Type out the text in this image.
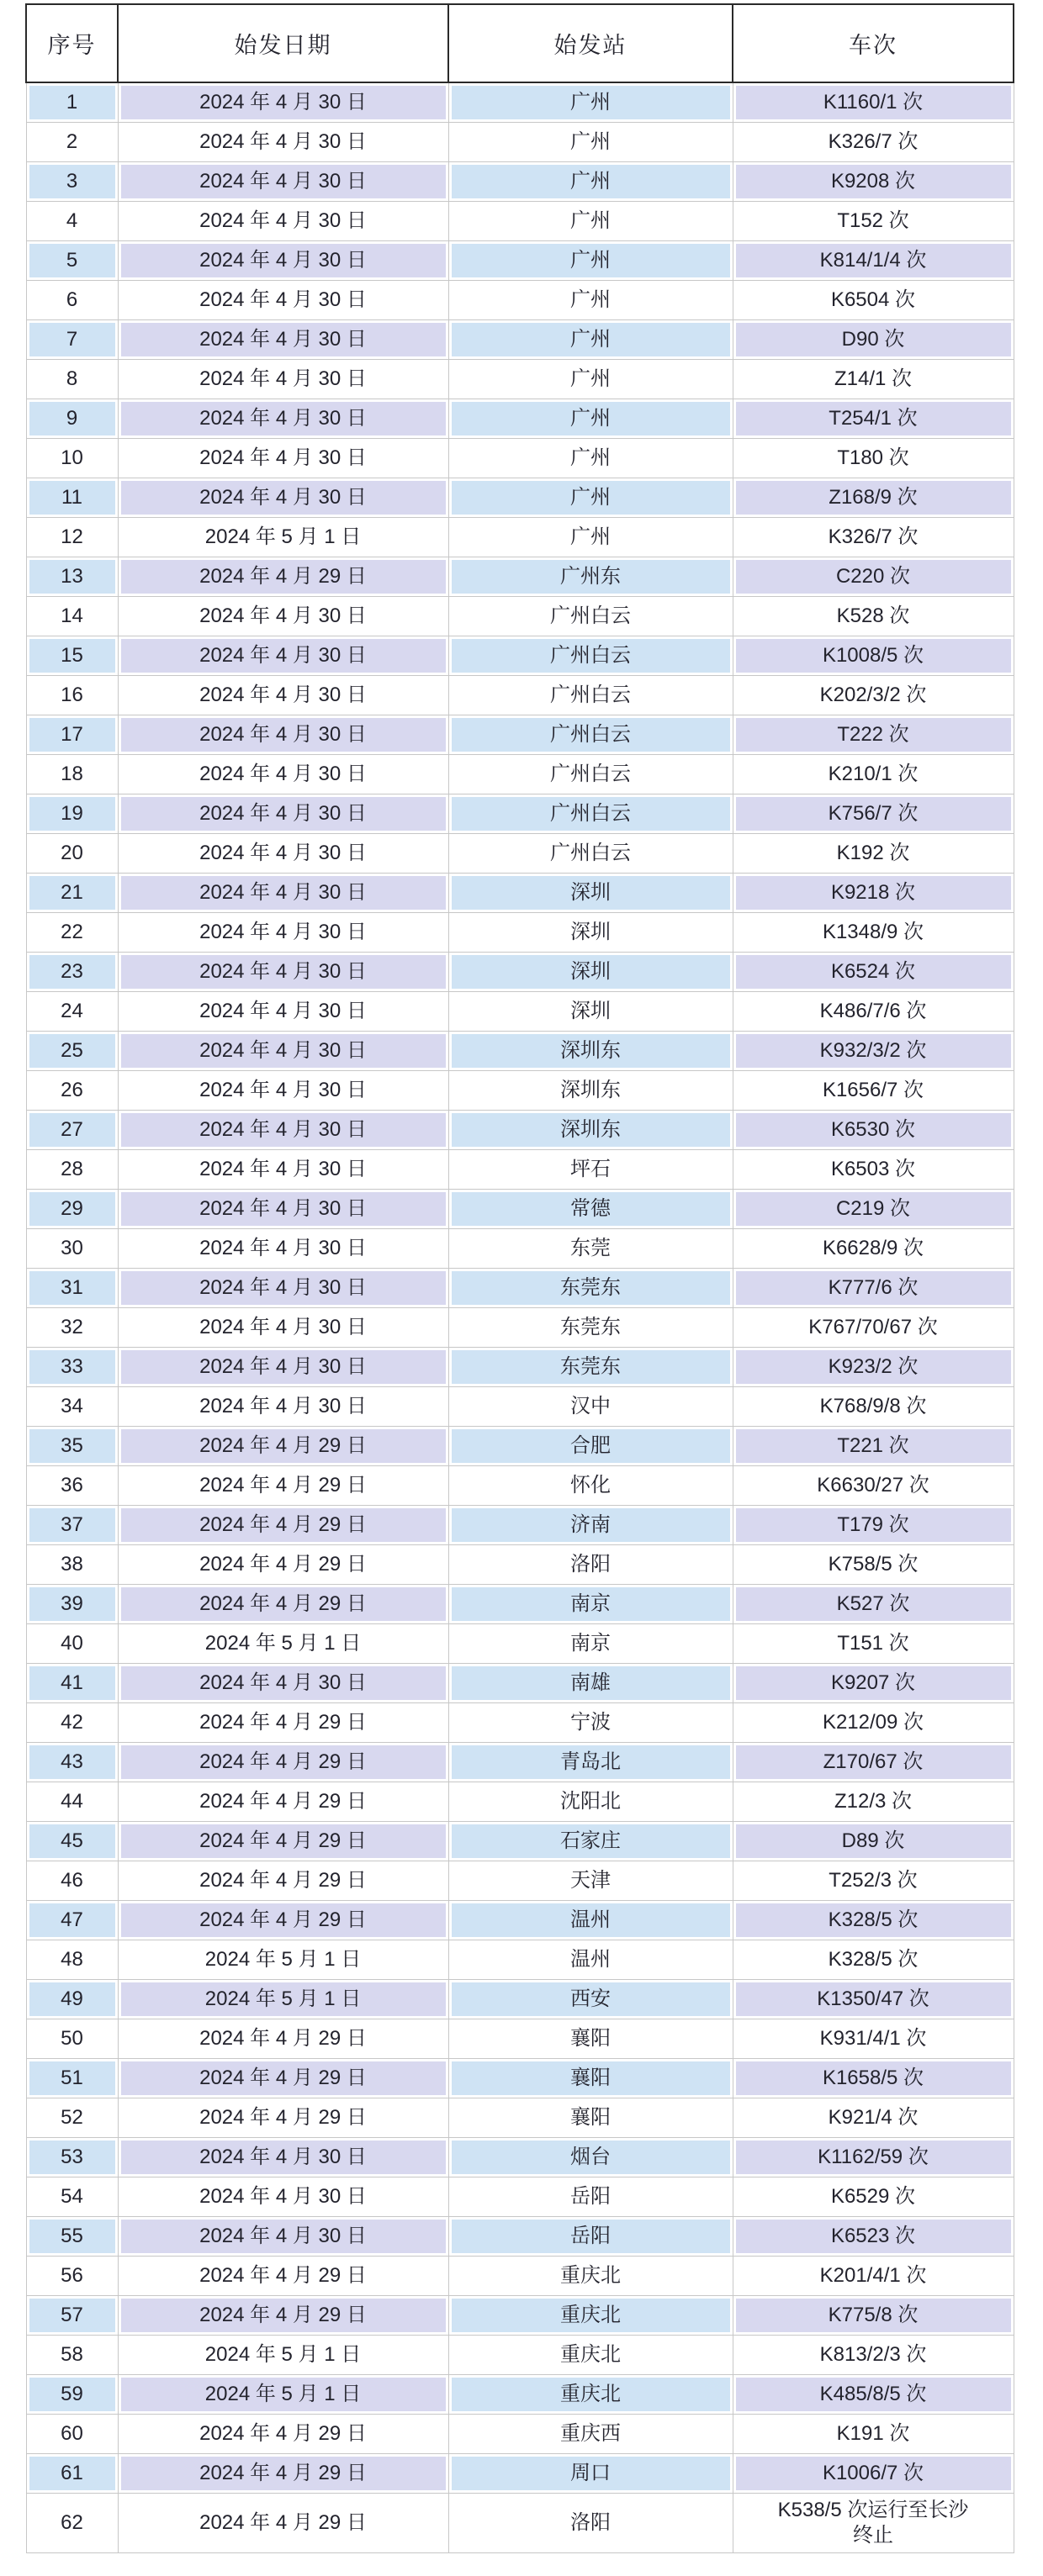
序号	始发日期	始发站	车次

1	2024 年 4 月 30 日	广州	K1160/1 次

2	2024 年 4 月 30 日	广州	K326/7 次

3	2024 年 4 月 30 日	广州	K9208 次

4	2024 年 4 月 30 日	广州	T152 次

5	2024 年 4 月 30 日	广州	K814/1/4 次

6	2024 年 4 月 30 日	广州	K6504 次

7	2024 年 4 月 30 日	广州	D90 次

8	2024 年 4 月 30 日	广州	Z14/1 次

9	2024 年 4 月 30 日	广州	T254/1 次

10	2024 年 4 月 30 日	广州	T180 次

11	2024 年 4 月 30 日	广州	Z168/9 次

12	2024 年 5 月 1 日	广州	K326/7 次

13	2024 年 4 月 29 日	广州东	C220 次

14	2024 年 4 月 30 日	广州白云	K528 次

15	2024 年 4 月 30 日	广州白云	K1008/5 次

16	2024 年 4 月 30 日	广州白云	K202/3/2 次

17	2024 年 4 月 30 日	广州白云	T222 次

18	2024 年 4 月 30 日	广州白云	K210/1 次

19	2024 年 4 月 30 日	广州白云	K756/7 次

20	2024 年 4 月 30 日	广州白云	K192 次

21	2024 年 4 月 30 日	深圳	K9218 次

22	2024 年 4 月 30 日	深圳	K1348/9 次

23	2024 年 4 月 30 日	深圳	K6524 次

24	2024 年 4 月 30 日	深圳	K486/7/6 次

25	2024 年 4 月 30 日	深圳东	K932/3/2 次

26	2024 年 4 月 30 日	深圳东	K1656/7 次

27	2024 年 4 月 30 日	深圳东	K6530 次

28	2024 年 4 月 30 日	坪石	K6503 次

29	2024 年 4 月 30 日	常德	C219 次

30	2024 年 4 月 30 日	东莞	K6628/9 次

31	2024 年 4 月 30 日	东莞东	K777/6 次

32	2024 年 4 月 30 日	东莞东	K767/70/67 次

33	2024 年 4 月 30 日	东莞东	K923/2 次

34	2024 年 4 月 30 日	汉中	K768/9/8 次

35	2024 年 4 月 29 日	合肥	T221 次

36	2024 年 4 月 29 日	怀化	K6630/27 次

37	2024 年 4 月 29 日	济南	T179 次

38	2024 年 4 月 29 日	洛阳	K758/5 次

39	2024 年 4 月 29 日	南京	K527 次

40	2024 年 5 月 1 日	南京	T151 次

41	2024 年 4 月 30 日	南雄	K9207 次

42	2024 年 4 月 29 日	宁波	K212/09 次

43	2024 年 4 月 29 日	青岛北	Z170/67 次

44	2024 年 4 月 29 日	沈阳北	Z12/3 次

45	2024 年 4 月 29 日	石家庄	D89 次

46	2024 年 4 月 29 日	天津	T252/3 次

47	2024 年 4 月 29 日	温州	K328/5 次

48	2024 年 5 月 1 日	温州	K328/5 次

49	2024 年 5 月 1 日	西安	K1350/47 次

50	2024 年 4 月 29 日	襄阳	K931/4/1 次

51	2024 年 4 月 29 日	襄阳	K1658/5 次

52	2024 年 4 月 29 日	襄阳	K921/4 次

53	2024 年 4 月 30 日	烟台	K1162/59 次

54	2024 年 4 月 30 日	岳阳	K6529 次

55	2024 年 4 月 30 日	岳阳	K6523 次

56	2024 年 4 月 29 日	重庆北	K201/4/1 次

57	2024 年 4 月 29 日	重庆北	K775/8 次

58	2024 年 5 月 1 日	重庆北	K813/2/3 次

59	2024 年 5 月 1 日	重庆北	K485/8/5 次

60	2024 年 4 月 29 日	重庆西	K191 次

61	2024 年 4 月 29 日	周口	K1006/7 次

62	2024 年 4 月 29 日	洛阳	K538/5 次运行至长沙终止
